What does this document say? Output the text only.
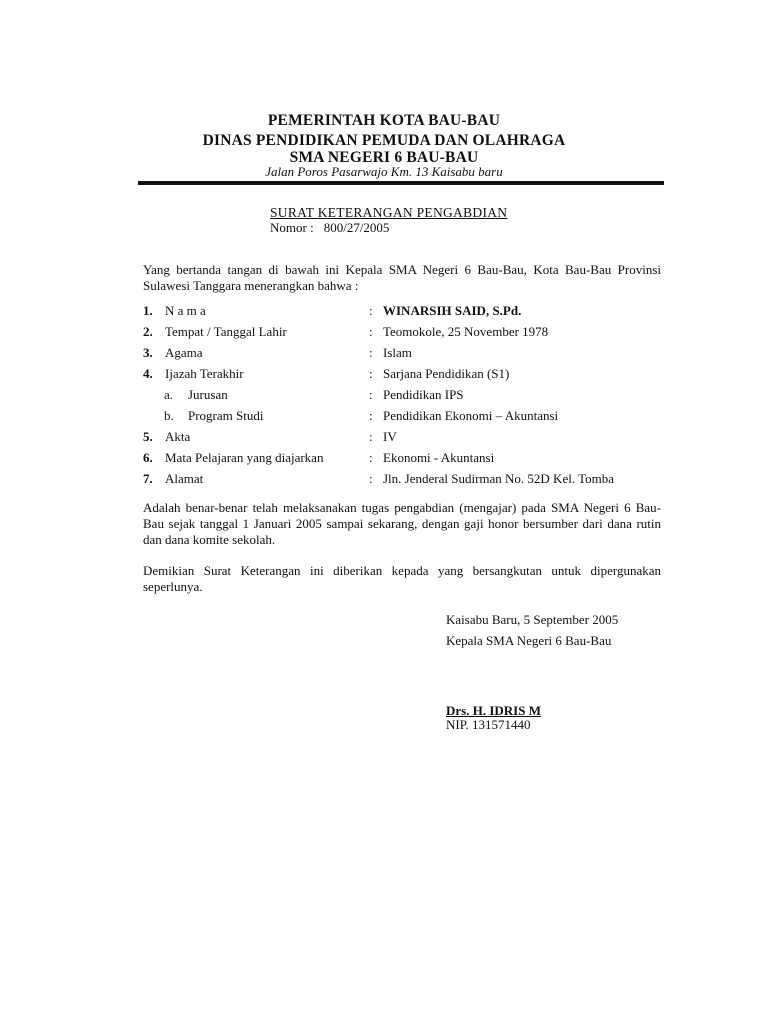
PEMERINTAH KOTA BAU-BAU
DINAS PENDIDIKAN PEMUDA DAN OLAHRAGA
SMA NEGERI 6 BAU-BAU
Jalan Poros Pasarwajo Km. 13 Kaisabu baru
SURAT KETERANGAN PENGABDIAN
Nomor : 800/27/2005
Yang bertanda tangan di bawah ini Kepala SMA Negeri 6 Bau-Bau, Kota Bau-Bau Provinsi Sulawesi Tanggara menerangkan bahwa :
1. N a m a	: WINARSIH SAID, S.Pd.
2. Tempat / Tanggal Lahir	: Teomokole, 25 November 1978
3. Agama	: Islam
4. Ijazah Terakhir	: Sarjana Pendidikan (S1)
a. Jurusan	: Pendidikan IPS
b. Program Studi	: Pendidikan Ekonomi – Akuntansi
5. Akta	: IV
6. Mata Pelajaran yang diajarkan	: Ekonomi - Akuntansi
7. Alamat	: Jln. Jenderal Sudirman No. 52D Kel. Tomba
Adalah benar-benar telah melaksanakan tugas pengabdian (mengajar) pada SMA Negeri 6 Bau-Bau sejak tanggal 1 Januari 2005 sampai sekarang, dengan gaji honor bersumber dari dana rutin dan dana komite sekolah.
Demikian Surat Keterangan ini diberikan kepada yang bersangkutan untuk dipergunakan seperlunya.
Kaisabu Baru, 5 September 2005
Kepala SMA Negeri 6 Bau-Bau
Drs. H. IDRIS M
NIP. 131571440
